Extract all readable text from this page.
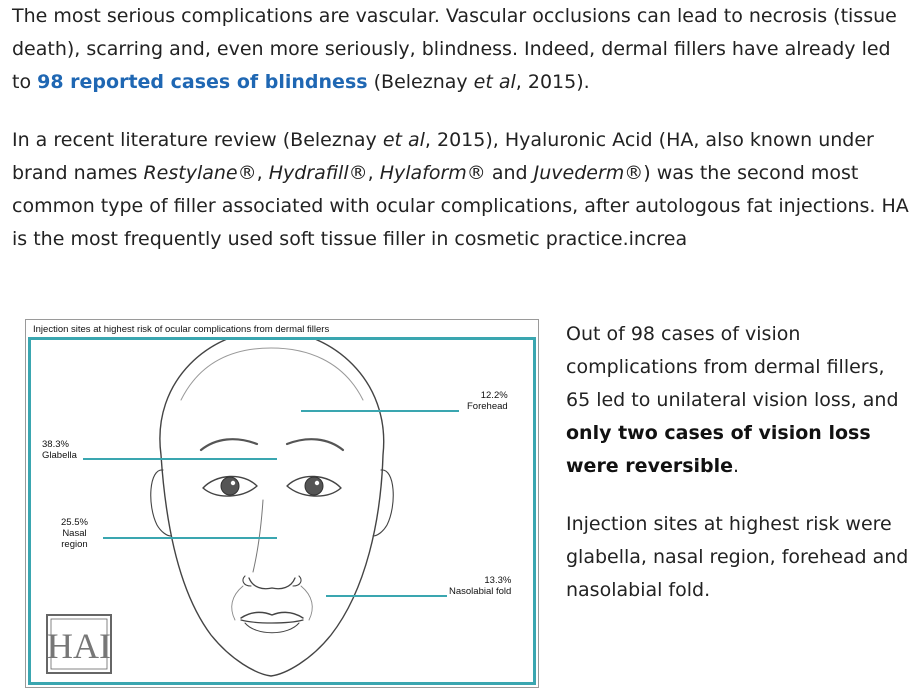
The most serious complications are vascular. Vascular occlusions can lead to necrosis (tissue death), scarring and, even more seriously, blindness. Indeed, dermal fillers have already led to 98 reported cases of blindness (Beleznay et al, 2015).

In a recent literature review (Beleznay et al, 2015), Hyaluronic Acid (HA, also known under brand names Restylane®, Hydrafill®, Hylaform® and Juvederm®) was the second most common type of filler associated with ocular complications, after autologous fat injections. HA is the most frequently used soft tissue filler in cosmetic practice.increa

Injection sites at highest risk of ocular complications from dermal fillers
HAI
12.2%
Forehead
38.3%
Glabella
25.5%
Nasal
region
13.3%
Nasolabial fold

Out of 98 cases of vision complications from dermal fillers, 65 led to unilateral vision loss, and only two cases of vision loss were reversible.

Injection sites at highest risk were glabella, nasal region, forehead and nasolabial fold.
